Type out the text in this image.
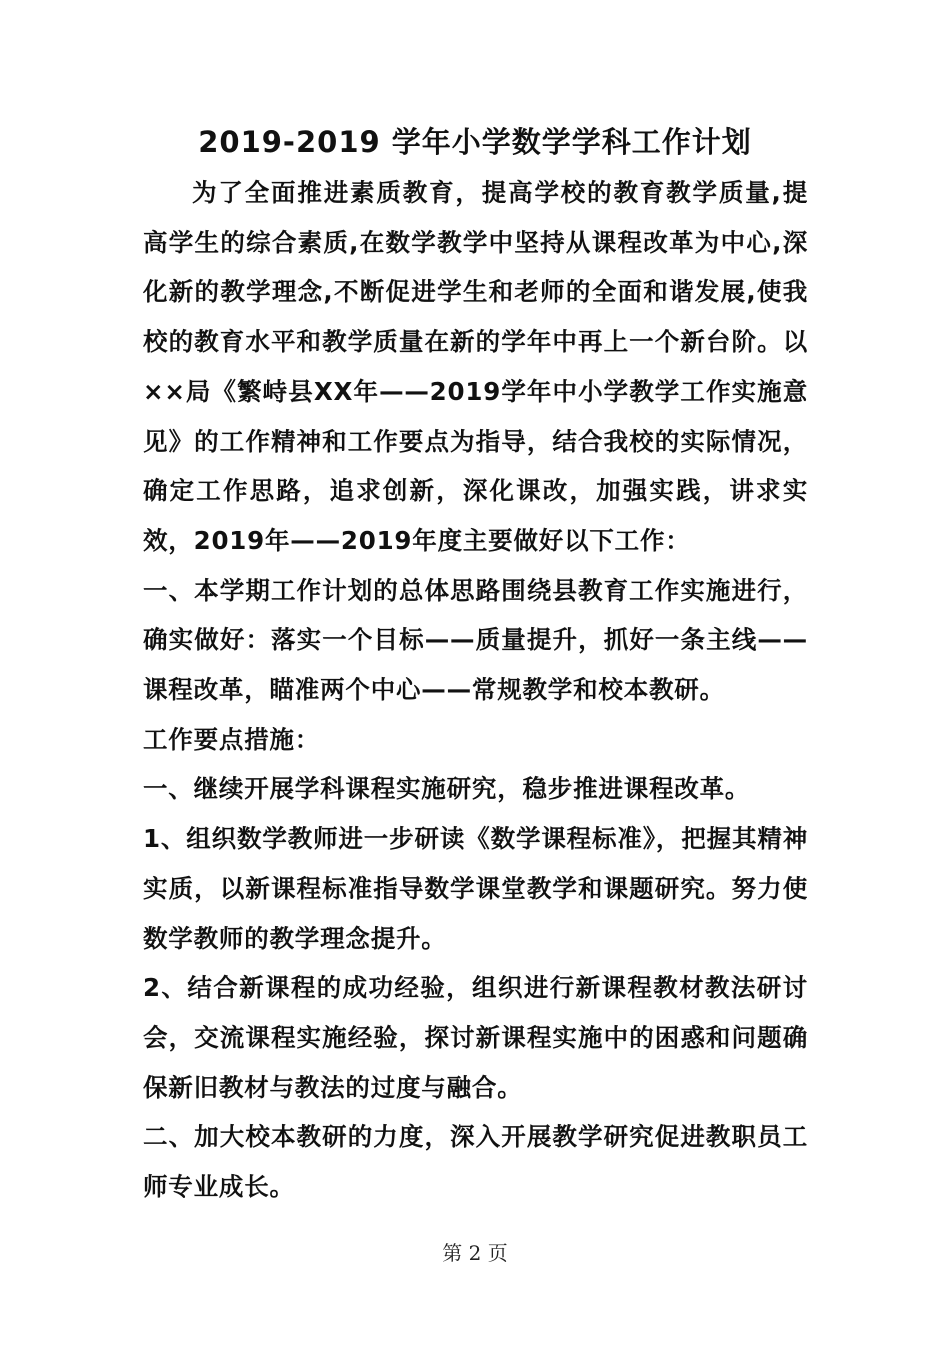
2019-2019 学年小学数学学科工作计划

为了全面推进素质教育，提高学校的教育教学质量,提高学生的综合素质,在数学教学中坚持从课程改革为中心,深化新的教学理念,不断促进学生和老师的全面和谐发展,使我校的教育水平和教学质量在新的学年中再上一个新台阶。以××局《繁峙县XX年——2019学年中小学教学工作实施意见》的工作精神和工作要点为指导，结合我校的实际情况，确定工作思路，追求创新，深化课改，加强实践，讲求实效，2019年——2019年度主要做好以下工作：

一、本学期工作计划的总体思路围绕县教育工作实施进行，确实做好：落实一个目标——质量提升，抓好一条主线——课程改革，瞄准两个中心——常规教学和校本教研。

工作要点措施：

一、继续开展学科课程实施研究，稳步推进课程改革。

1、组织数学教师进一步研读《数学课程标准》，把握其精神实质，以新课程标准指导数学课堂教学和课题研究。努力使数学教师的教学理念提升。

2、结合新课程的成功经验，组织进行新课程教材教法研讨会，交流课程实施经验，探讨新课程实施中的困惑和问题确保新旧教材与教法的过度与融合。

二、加大校本教研的力度，深入开展教学研究促进教职员工师专业成长。

第 2 页
